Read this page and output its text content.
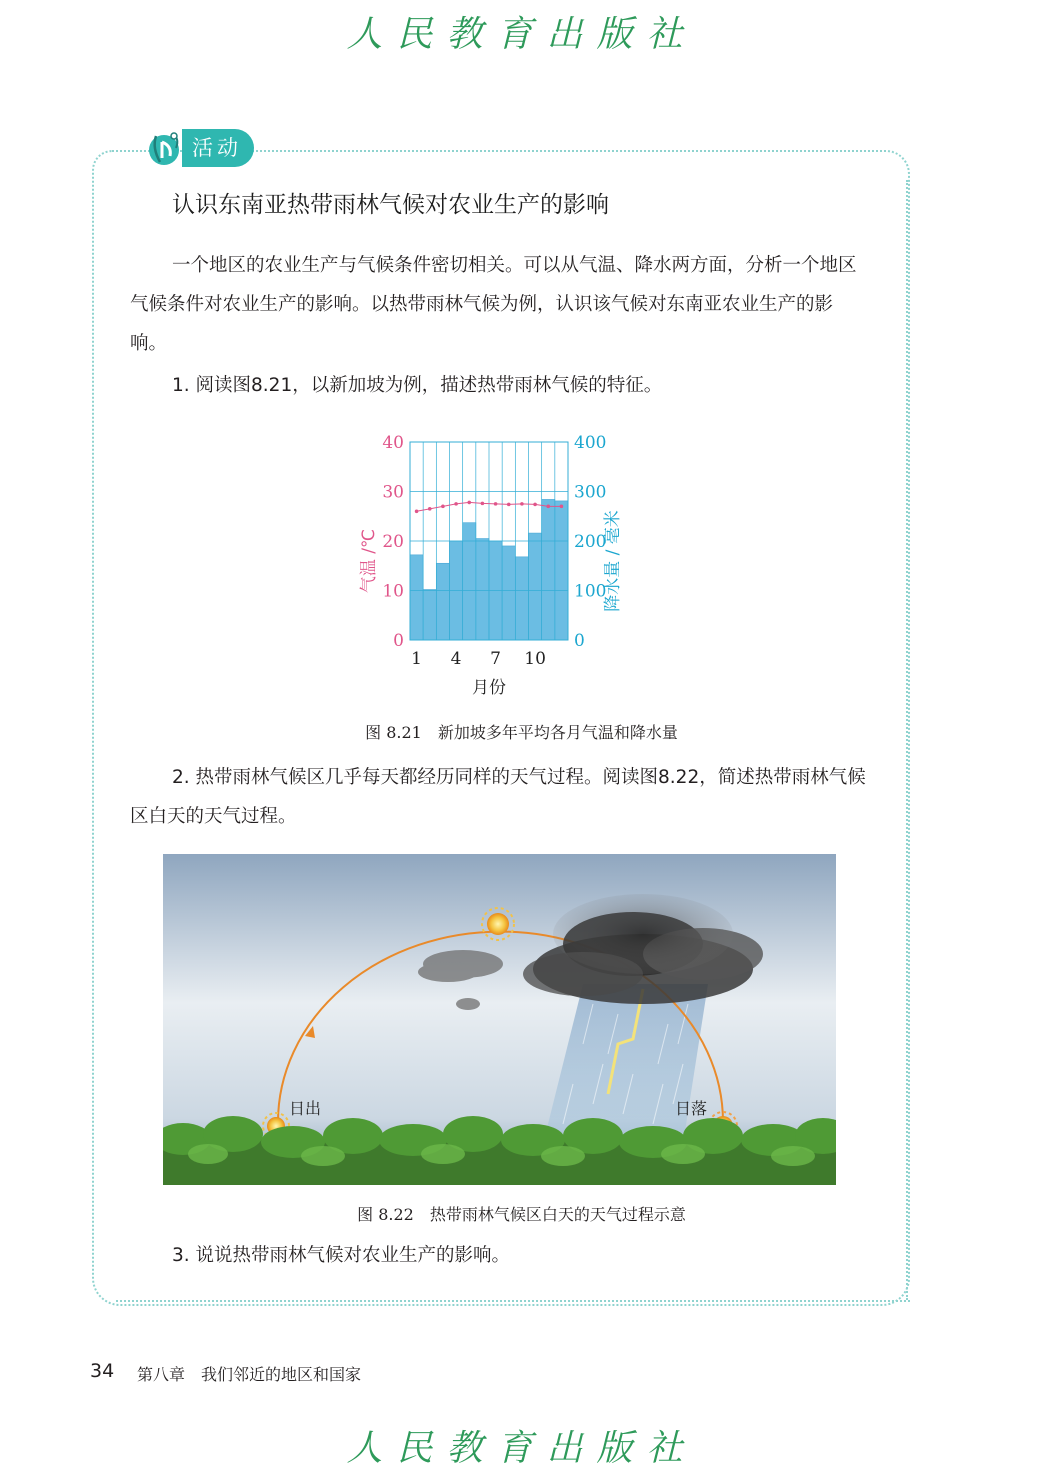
人民教育出版社
活动
认识东南亚热带雨林气候对农业生产的影响

一个地区的农业生产与气候条件密切相关。可以从气温、降水两方面，分析一个地区气候条件对农业生产的影响。以热带雨林气候为例，认识该气候对东南亚农业生产的影响。

1. 阅读图8.21，以新加坡为例，描述热带雨林气候的特征。

0
10
20
30
40
0
100
200
300
400
1 4 7 10
月份
气温 /℃	降水量 / 毫米
图 8.21　新加坡多年平均各月气温和降水量

2. 热带雨林气候区几乎每天都经历同样的天气过程。阅读图8.22，简述热带雨林气候区白天的天气过程。

日出	日落
图 8.22　热带雨林气候区白天的天气过程示意

3. 说说热带雨林气候对农业生产的影响。

34 第八章　我们邻近的地区和国家
人民教育出版社
